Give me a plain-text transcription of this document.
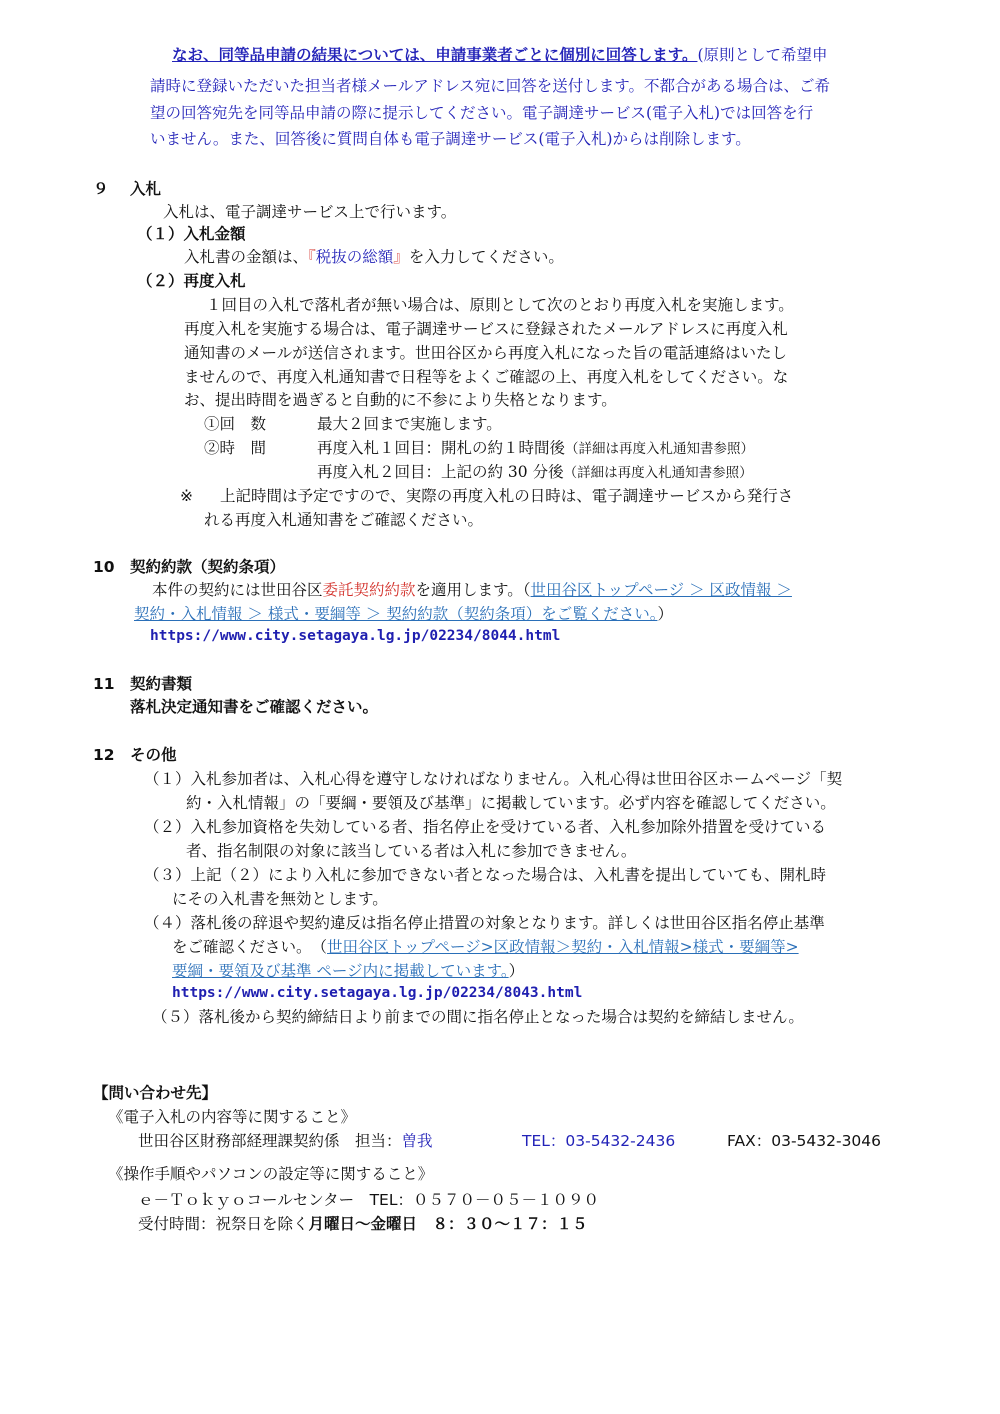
なお、同等品申請の結果については、申請事業者ごとに個別に回答します。(原則として希望申
請時に登録いただいた担当者様メールアドレス宛に回答を送付します。不都合がある場合は、ご希
望の回答宛先を同等品申請の際に提示してください。電子調達サービス(電子入札)では回答を行
いません。また、回答後に質問自体も電子調達サービス(電子入札)からは削除します。
９ 入札
入札は、電子調達サービス上で行います。
（１）入札金額
入札書の金額は、『税抜の総額』を入力してください。
（２）再度入札
１回目の入札で落札者が無い場合は、原則として次のとおり再度入札を実施します。
再度入札を実施する場合は、電子調達サービスに登録されたメールアドレスに再度入札
通知書のメールが送信されます。世田谷区から再度入札になった旨の電話連絡はいたし
ませんので、再度入札通知書で日程等をよくご確認の上、再度入札をしてください。な
お、提出時間を過ぎると自動的に不参により失格となります。
①回　数	最大２回まで実施します。
②時　間	再度入札１回目：開札の約１時間後（詳細は再度入札通知書参照）
再度入札２回目：上記の約 30 分後（詳細は再度入札通知書参照）
※ 上記時間は予定ですので、実際の再度入札の日時は、電子調達サービスから発行さ
れる再度入札通知書をご確認ください。
10 契約約款（契約条項）
本件の契約には世田谷区委託契約約款を適用します。（世田谷区トップページ ＞ 区政情報 ＞
契約・入札情報 ＞ 様式・要綱等 ＞ 契約約款（契約条項）をご覧ください。）
https://www.city.setagaya.lg.jp/02234/8044.html
11 契約書類
落札決定通知書をご確認ください。
12 その他
（１）入札参加者は、入札心得を遵守しなければなりません。入札心得は世田谷区ホームページ「契
約・入札情報」の「要綱・要領及び基準」に掲載しています。必ず内容を確認してください。
（２）入札参加資格を失効している者、指名停止を受けている者、入札参加除外措置を受けている
者、指名制限の対象に該当している者は入札に参加できません。
（３）上記（２）により入札に参加できない者となった場合は、入札書を提出していても、開札時
にその入札書を無効とします。
（４）落札後の辞退や契約違反は指名停止措置の対象となります。詳しくは世田谷区指名停止基準
をご確認ください。　（世田谷区トップページ>区政情報＞契約・入札情報>様式・要綱等>
要綱・要領及び基準 ページ内に掲載しています。）
https://www.city.setagaya.lg.jp/02234/8043.html
（５）落札後から契約締結日より前までの間に指名停止となった場合は契約を締結しません。
【問い合わせ先】
《電子入札の内容等に関すること》
世田谷区財務部経理課契約係　担当：曽我	TEL：03-5432-2436	FAX：03-5432-3046
《操作手順やパソコンの設定等に関すること》
ｅ－Ｔｏｋｙｏコールセンター　TEL：０５７０－０５－１０９０
受付時間：祝祭日を除く月曜日～金曜日　８：３０～１７：１５
